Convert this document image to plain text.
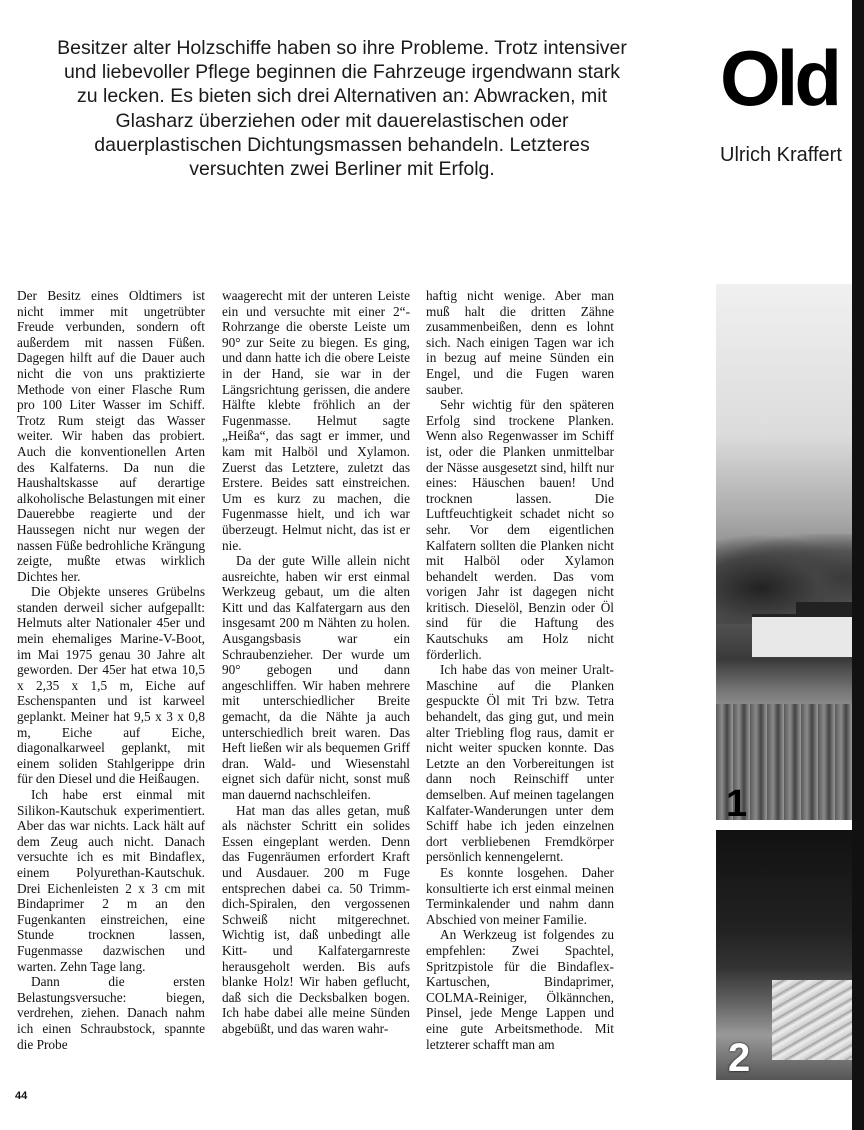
Besitzer alter Holzschiffe haben so ihre Probleme. Trotz intensiver und liebevoller Pflege beginnen die Fahrzeuge irgendwann stark zu lecken. Es bieten sich drei Alternativen an: Abwracken, mit Glasharz überziehen oder mit dauerelastischen oder dauerplastischen Dichtungsmassen behandeln. Letzteres versuchten zwei Berliner mit Erfolg.

Old
Ulrich Kraffert

Der Besitz eines Oldtimers ist nicht immer mit ungetrübter Freude verbunden, sondern oft außerdem mit nassen Füßen. Dagegen hilft auf die Dauer auch nicht die von uns praktizierte Methode von einer Flasche Rum pro 100 Liter Wasser im Schiff. Trotz Rum steigt das Wasser weiter. Wir haben das probiert. Auch die konventionellen Arten des Kalfaterns. Da nun die Haushaltskasse auf derartige alkoholische Belastungen mit einer Dauerebbe reagierte und der Haussegen nicht nur wegen der nassen Füße bedrohliche Krängung zeigte, mußte etwas wirklich Dichtes her.

Die Objekte unseres Grübelns standen derweil sicher aufgepallt: Helmuts alter Nationaler 45er und mein ehemaliges Marine-V-Boot, im Mai 1975 genau 30 Jahre alt geworden. Der 45er hat etwa 10,5 x 2,35 x 1,5 m, Eiche auf Eschenspanten und ist karweel geplankt. Meiner hat 9,5 x 3 x 0,8 m, Eiche auf Eiche, diagonalkarweel geplankt, mit einem soliden Stahlgerippe drin für den Diesel und die Heißaugen.

Ich habe erst einmal mit Silikon-Kautschuk experimentiert. Aber das war nichts. Lack hält auf dem Zeug auch nicht. Danach versuchte ich es mit Bindaflex, einem Polyurethan-Kautschuk. Drei Eichenleisten 2 x 3 cm mit Bindaprimer 2 m an den Fugenkanten einstreichen, eine Stunde trocknen lassen, Fugenmasse dazwischen und warten. Zehn Tage lang.

Dann die ersten Belastungsversuche: biegen, verdrehen, ziehen. Danach nahm ich einen Schraubstock, spannte die Probe

waagerecht mit der unteren Leiste ein und versuchte mit einer 2“-Rohrzange die oberste Leiste um 90° zur Seite zu biegen. Es ging, und dann hatte ich die obere Leiste in der Hand, sie war in der Längsrichtung gerissen, die andere Hälfte klebte fröhlich an der Fugenmasse. Helmut sagte „Heißa“, das sagt er immer, und kam mit Halböl und Xylamon. Zuerst das Letztere, zuletzt das Erstere. Beides satt einstreichen. Um es kurz zu machen, die Fugenmasse hielt, und ich war überzeugt. Helmut nicht, das ist er nie.

Da der gute Wille allein nicht ausreichte, haben wir erst einmal Werkzeug gebaut, um die alten Kitt und das Kalfatergarn aus den insgesamt 200 m Nähten zu holen. Ausgangsbasis war ein Schraubenzieher. Der wurde um 90° gebogen und dann angeschliffen. Wir haben mehrere mit unterschiedlicher Breite gemacht, da die Nähte ja auch unterschiedlich breit waren. Das Heft ließen wir als bequemen Griff dran. Wald- und Wiesenstahl eignet sich dafür nicht, sonst muß man dauernd nachschleifen.

Hat man das alles getan, muß als nächster Schritt ein solides Essen eingeplant werden. Denn das Fugenräumen erfordert Kraft und Ausdauer. 200 m Fuge entsprechen dabei ca. 50 Trimm-dich-Spiralen, den vergossenen Schweiß nicht mitgerechnet. Wichtig ist, daß unbedingt alle Kitt- und Kalfatergarnreste herausgeholt werden. Bis aufs blanke Holz! Wir haben geflucht, daß sich die Decksbalken bogen. Ich habe dabei alle meine Sünden abgebüßt, und das waren wahr-

haftig nicht wenige. Aber man muß halt die dritten Zähne zusammenbeißen, denn es lohnt sich. Nach einigen Tagen war ich in bezug auf meine Sünden ein Engel, und die Fugen waren sauber.

Sehr wichtig für den späteren Erfolg sind trockene Planken. Wenn also Regenwasser im Schiff ist, oder die Planken unmittelbar der Nässe ausgesetzt sind, hilft nur eines: Häuschen bauen! Und trocknen lassen. Die Luftfeuchtigkeit schadet nicht so sehr. Vor dem eigentlichen Kalfatern sollten die Planken nicht mit Halböl oder Xylamon behandelt werden. Das vom vorigen Jahr ist dagegen nicht kritisch. Dieselöl, Benzin oder Öl sind für die Haftung des Kautschuks am Holz nicht förderlich.

Ich habe das von meiner Uralt-Maschine auf die Planken gespuckte Öl mit Tri bzw. Tetra behandelt, das ging gut, und mein alter Triebling flog raus, damit er nicht weiter spucken konnte. Das Letzte an den Vorbereitungen ist dann noch Reinschiff unter demselben. Auf meinen tagelangen Kalfater-Wanderungen unter dem Schiff habe ich jeden einzelnen dort verbliebenen Fremdkörper persönlich kennengelernt.

Es konnte losgehen. Daher konsultierte ich erst einmal meinen Terminkalender und nahm dann Abschied von meiner Familie.

An Werkzeug ist folgendes zu empfehlen: Zwei Spachtel, Spritzpistole für die Bindaflex-Kartuschen, Bindaprimer, COLMA-Reiniger, Ölkännchen, Pinsel, jede Menge Lappen und eine gute Arbeitsmethode. Mit letzterer schafft man am

1
2
44
